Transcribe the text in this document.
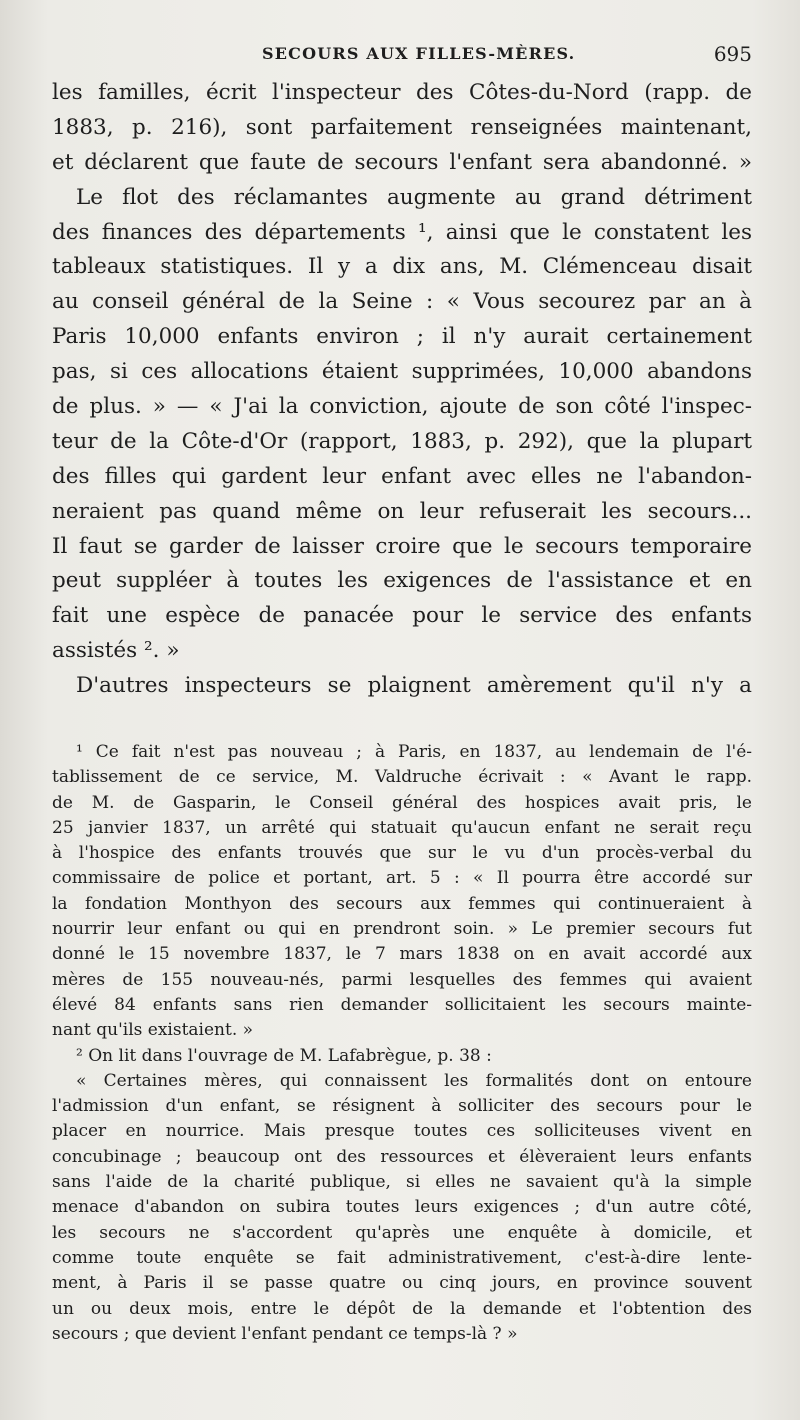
SECOURS AUX FILLES-MÈRES.	695
les familles, écrit l'inspecteur des Côtes-du-Nord (rapp. de
1883, p. 216), sont parfaitement renseignées maintenant,
et déclarent que faute de secours l'enfant sera abandonné. »
Le flot des réclamantes augmente au grand détriment
des finances des départements ¹, ainsi que le constatent les
tableaux statistiques. Il y a dix ans, M. Clémenceau disait
au conseil général de la Seine : « Vous secourez par an à
Paris 10,000 enfants environ ; il n'y aurait certainement
pas, si ces allocations étaient supprimées, 10,000 abandons
de plus. » — « J'ai la conviction, ajoute de son côté l'inspec-
teur de la Côte-d'Or (rapport, 1883, p. 292), que la plupart
des filles qui gardent leur enfant avec elles ne l'abandon-
neraient pas quand même on leur refuserait les secours...
Il faut se garder de laisser croire que le secours temporaire
peut suppléer à toutes les exigences de l'assistance et en
fait une espèce de panacée pour le service des enfants
assistés ². »
D'autres inspecteurs se plaignent amèrement qu'il n'y a
¹ Ce fait n'est pas nouveau ; à Paris, en 1837, au lendemain de l'é-
tablissement de ce service, M. Valdruche écrivait : « Avant le rapp.
de M. de Gasparin, le Conseil général des hospices avait pris, le
25 janvier 1837, un arrêté qui statuait qu'aucun enfant ne serait reçu
à l'hospice des enfants trouvés que sur le vu d'un procès-verbal du
commissaire de police et portant, art. 5 : « Il pourra être accordé sur
la fondation Monthyon des secours aux femmes qui continueraient à
nourrir leur enfant ou qui en prendront soin. » Le premier secours fut
donné le 15 novembre 1837, le 7 mars 1838 on en avait accordé aux
mères de 155 nouveau-nés, parmi lesquelles des femmes qui avaient
élevé 84 enfants sans rien demander sollicitaient les secours mainte-
nant qu'ils existaient. »
² On lit dans l'ouvrage de M. Lafabrègue, p. 38 :
« Certaines mères, qui connaissent les formalités dont on entoure
l'admission d'un enfant, se résignent à solliciter des secours pour le
placer en nourrice. Mais presque toutes ces solliciteuses vivent en
concubinage ; beaucoup ont des ressources et élèveraient leurs enfants
sans l'aide de la charité publique, si elles ne savaient qu'à la simple
menace d'abandon on subira toutes leurs exigences ; d'un autre côté,
les secours ne s'accordent qu'après une enquête à domicile, et
comme toute enquête se fait administrativement, c'est-à-dire lente-
ment, à Paris il se passe quatre ou cinq jours, en province souvent
un ou deux mois, entre le dépôt de la demande et l'obtention des
secours ; que devient l'enfant pendant ce temps-là ? »
